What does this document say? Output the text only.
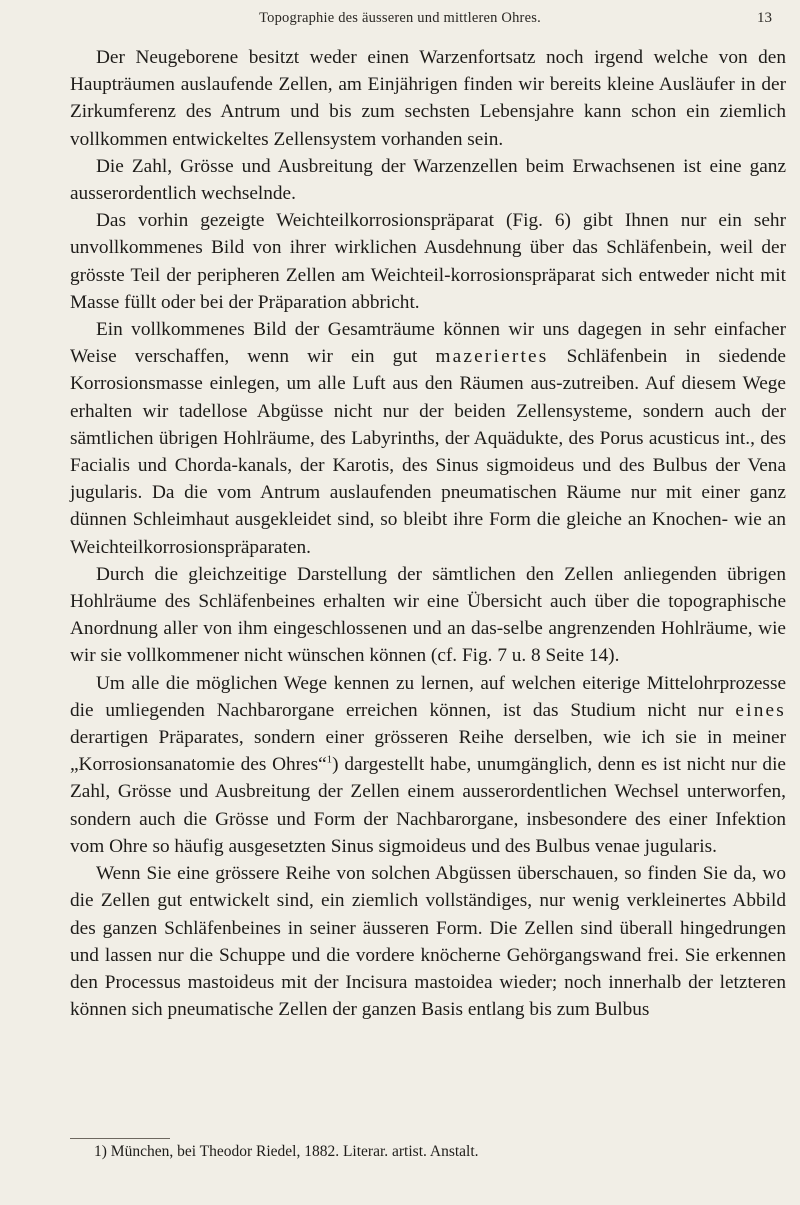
Topographie des äusseren und mittleren Ohres.	13

Der Neugeborene besitzt weder einen Warzenfortsatz noch irgend welche von den Haupträumen auslaufende Zellen, am Einjährigen finden wir bereits kleine Ausläufer in der Zirkumferenz des Antrum und bis zum sechsten Lebensjahre kann schon ein ziemlich vollkommen entwickeltes Zellensystem vorhanden sein.

Die Zahl, Grösse und Ausbreitung der Warzenzellen beim Erwachsenen ist eine ganz ausserordentlich wechselnde.

Das vorhin gezeigte Weichteilkorrosionspräparat (Fig. 6) gibt Ihnen nur ein sehr unvollkommenes Bild von ihrer wirklichen Ausdehnung über das Schläfenbein, weil der grösste Teil der peripheren Zellen am Weichteil-korrosionspräparat sich entweder nicht mit Masse füllt oder bei der Präparation abbricht.

Ein vollkommenes Bild der Gesamträume können wir uns dagegen in sehr einfacher Weise verschaffen, wenn wir ein gut mazeriertes Schläfenbein in siedende Korrosionsmasse einlegen, um alle Luft aus den Räumen aus-zutreiben. Auf diesem Wege erhalten wir tadellose Abgüsse nicht nur der beiden Zellensysteme, sondern auch der sämtlichen übrigen Hohlräume, des Labyrinths, der Aquädukte, des Porus acusticus int., des Facialis und Chorda-kanals, der Karotis, des Sinus sigmoideus und des Bulbus der Vena jugularis. Da die vom Antrum auslaufenden pneumatischen Räume nur mit einer ganz dünnen Schleimhaut ausgekleidet sind, so bleibt ihre Form die gleiche an Knochen- wie an Weichteilkorrosionspräparaten.

Durch die gleichzeitige Darstellung der sämtlichen den Zellen anliegenden übrigen Hohlräume des Schläfenbeines erhalten wir eine Übersicht auch über die topographische Anordnung aller von ihm eingeschlossenen und an das-selbe angrenzenden Hohlräume, wie wir sie vollkommener nicht wünschen können (cf. Fig. 7 u. 8 Seite 14).

Um alle die möglichen Wege kennen zu lernen, auf welchen eiterige Mittelohrprozesse die umliegenden Nachbarorgane erreichen können, ist das Studium nicht nur eines derartigen Präparates, sondern einer grösseren Reihe derselben, wie ich sie in meiner „Korrosionsanatomie des Ohres“$^1$) dargestellt habe, unumgänglich, denn es ist nicht nur die Zahl, Grösse und Ausbreitung der Zellen einem ausserordentlichen Wechsel unterworfen, sondern auch die Grösse und Form der Nachbarorgane, insbesondere des einer Infektion vom Ohre so häufig ausgesetzten Sinus sigmoideus und des Bulbus venae jugularis.

Wenn Sie eine grössere Reihe von solchen Abgüssen überschauen, so finden Sie da, wo die Zellen gut entwickelt sind, ein ziemlich vollständiges, nur wenig verkleinertes Abbild des ganzen Schläfenbeines in seiner äusseren Form. Die Zellen sind überall hingedrungen und lassen nur die Schuppe und die vordere knöcherne Gehörgangswand frei. Sie erkennen den Processus mastoideus mit der Incisura mastoidea wieder; noch innerhalb der letzteren können sich pneumatische Zellen der ganzen Basis entlang bis zum Bulbus

1) München, bei Theodor Riedel, 1882. Literar. artist. Anstalt.
